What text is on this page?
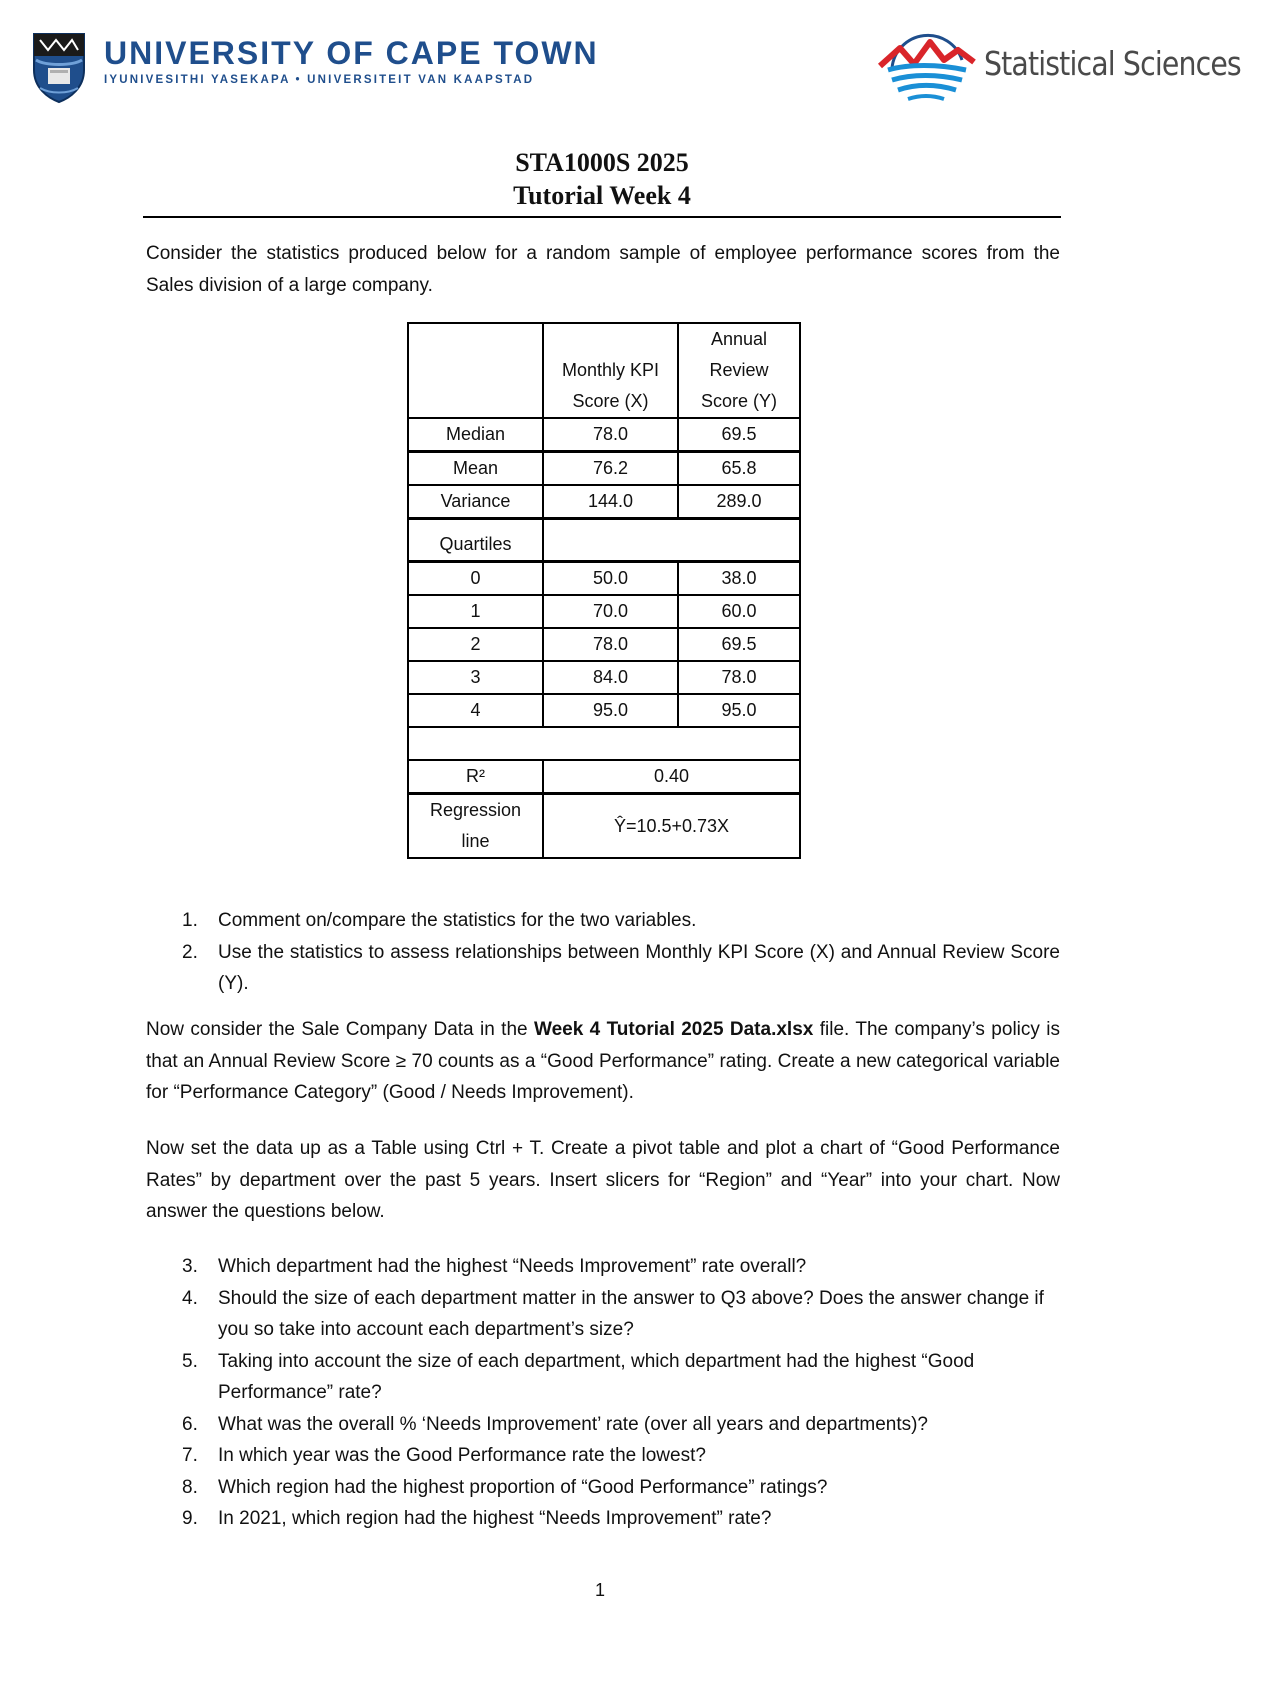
UNIVERSITY OF CAPE TOWN
IYUNIVESITHI YASEKAPA • UNIVERSITEIT VAN KAAPSTAD	Statistical Sciences
STA1000S 2025
Tutorial Week 4
Consider the statistics produced below for a random sample of employee performance scores from the Sales division of a large company.

	Monthly KPI Score (X)	Annual Review Score (Y)

Median	78.0	69.5
Mean	76.2	65.8
Variance	144.0	289.0
Quartiles		
0	50.0	38.0
1	70.0	60.0
2	78.0	69.5
3	84.0	78.0
4	95.0	95.0

R²	0.40	

Regression line	Ŷ=10.5+0.73X	
1.	Comment on/compare the statistics for the two variables.
2.	Use the statistics to assess relationships between Monthly KPI Score (X) and Annual Review Score (Y).
Now consider the Sale Company Data in the Week 4 Tutorial 2025 Data.xlsx file. The company’s policy is that an Annual Review Score ≥ 70 counts as a “Good Performance” rating. Create a new categorical variable for “Performance Category” (Good / Needs Improvement).
Now set the data up as a Table using Ctrl + T. Create a pivot table and plot a chart of “Good Performance Rates” by department over the past 5 years. Insert slicers for “Region” and “Year” into your chart. Now answer the questions below.
3.	Which department had the highest “Needs Improvement” rate overall?
4.	Should the size of each department matter in the answer to Q3 above? Does the answer change if you so take into account each department’s size?
5.	Taking into account the size of each department, which department had the highest “Good Performance” rate?
6.	What was the overall % ‘Needs Improvement’ rate (over all years and departments)?
7.	In which year was the Good Performance rate the lowest?
8.	Which region had the highest proportion of “Good Performance” ratings?
9.	In 2021, which region had the highest “Needs Improvement” rate?
1
